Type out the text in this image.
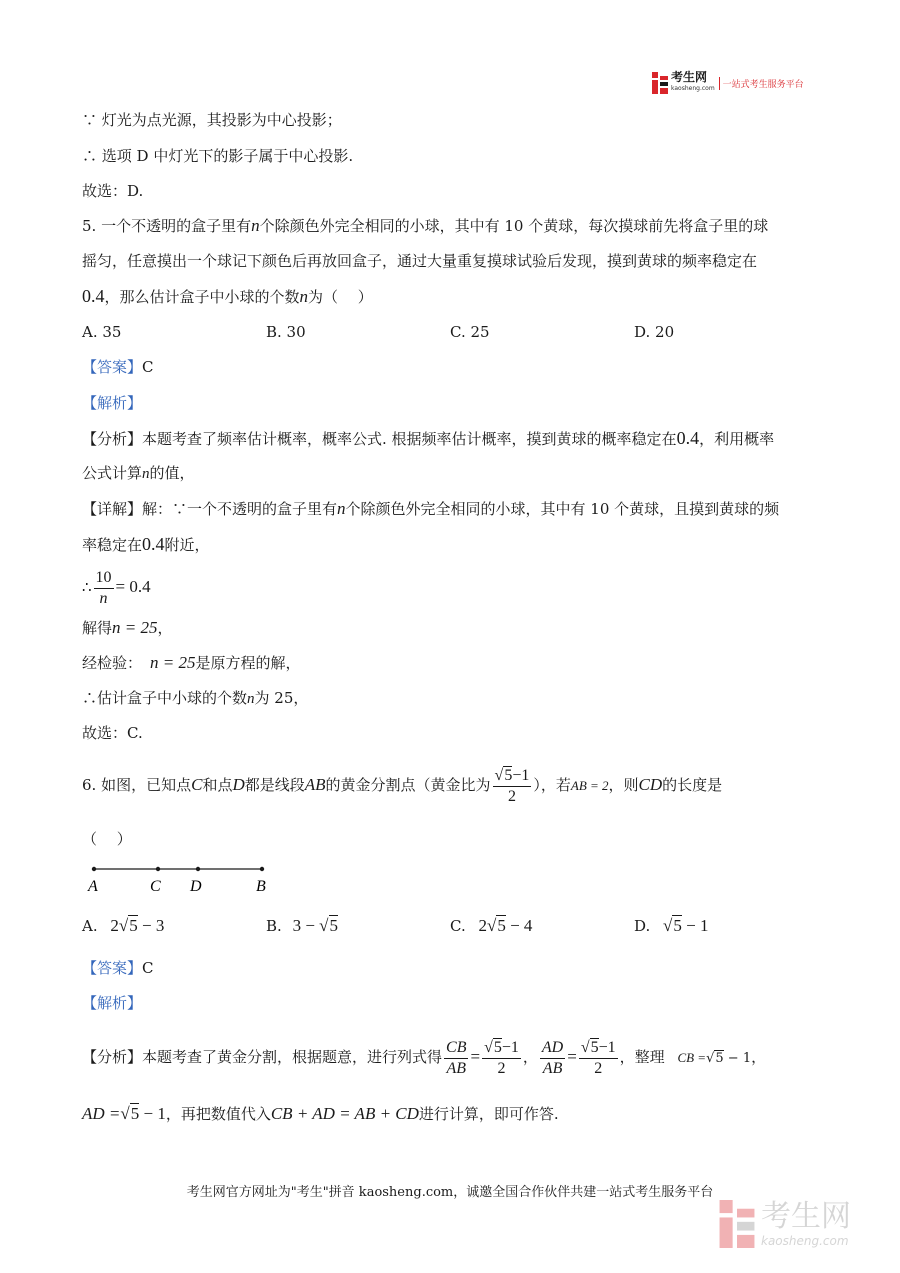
考生网
kaosheng.com 一站式考生服务平台
∵ 灯光为点光源，其投影为中心投影；
∴ 选项 D 中灯光下的影子属于中心投影.
故选：D.
5. 一个不透明的盒子里有n个除颜色外完全相同的小球，其中有 10 个黄球，每次摸球前先将盒子里的球
摇匀，任意摸出一个球记下颜色后再放回盒子，通过大量重复摸球试验后发现，摸到黄球的频率稳定在
0.4，那么估计盒子中小球的个数n为（　 ）
A. 35	B. 30	C. 25	D. 20
【答案】C
【解析】
【分析】本题考查了频率估计概率，概率公式. 根据频率估计概率，摸到黄球的概率稳定在0.4，利用概率
公式计算n的值，
【详解】解：∵一个不透明的盒子里有n个除颜色外完全相同的小球，其中有 10 个黄球，且摸到黄球的频
率稳定在0.4附近，
∴ $\frac{10}{n} = 0.4$
解得n = 25，
经检验： n = 25是原方程的解，
∴估计盒子中小球的个数n为 25，
故选：C.
6. 如图，已知点C和点D都是线段AB的黄金分割点（黄金比为 $\frac{√5-1}{2}$ ），若AB = 2，则CD的长度是
（　 ）
A	C D	B
A. 2√5 − 3	B. 3 − √5	C. 2√5 − 4	D. √5 − 1
【答案】C
【解析】
【分析】本题考查了黄金分割，根据题意，进行列式得 $\frac{CB}{AB} = \frac{√5-1}{2}$ ， $\frac{AD}{AB} = \frac{√5-1}{2}$ ，整理 CB =√5 − 1，
AD =√5 − 1，再把数值代入CB + AD = AB + CD进行计算，即可作答.
考生网官方网址为"考生"拼音 kaosheng.com，诚邀全国合作伙伴共建一站式考生服务平台
考生网
kaosheng.com
